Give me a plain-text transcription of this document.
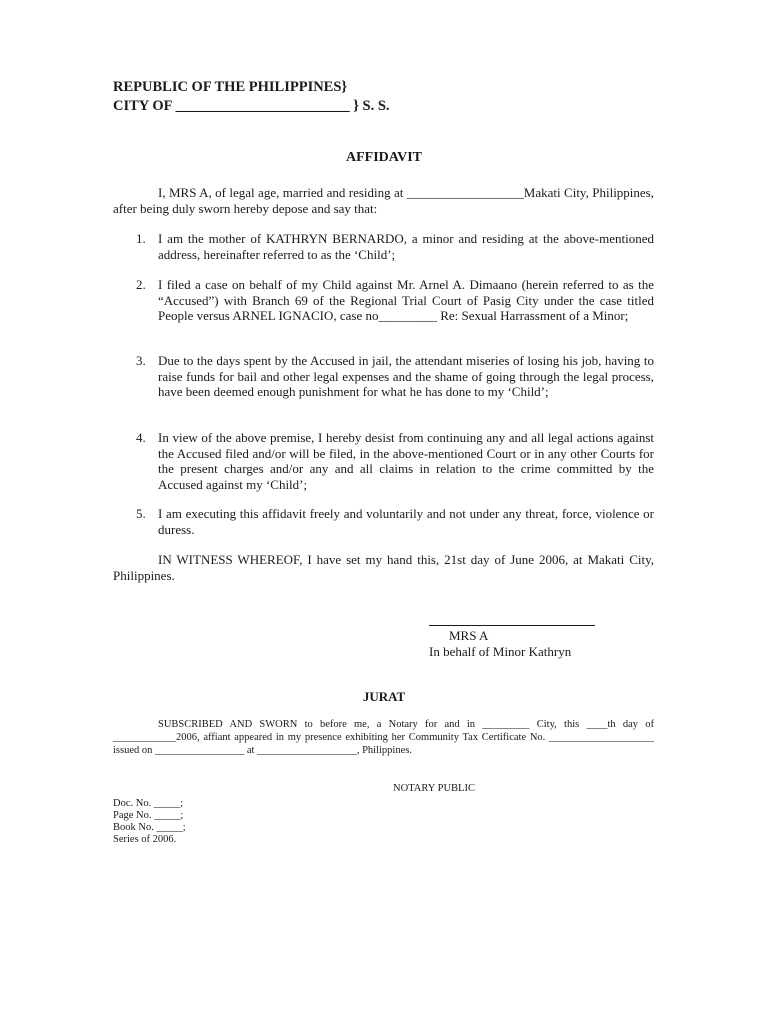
REPUBLIC OF THE PHILIPPINES}
CITY OF ________________________ } S. S.
AFFIDAVIT
I, MRS A, of legal age, married and residing at __________________Makati City, Philippines, after being duly sworn hereby depose and say that:
1. I am the mother of KATHRYN BERNARDO, a minor and residing at the above-mentioned address, hereinafter referred to as the ‘Child’;
2. I filed a case on behalf of my Child against Mr. Arnel A. Dimaano (herein referred to as the “Accused”) with Branch 69 of the Regional Trial Court of Pasig City under the case titled People versus ARNEL IGNACIO, case no_________ Re: Sexual Harrassment of a Minor;
3. Due to the days spent by the Accused in jail, the attendant miseries of losing his job, having to raise funds for bail and other legal expenses and the shame of going through the legal process, have been deemed enough punishment for what he has done to my ‘Child’;
4. In view of the above premise, I hereby desist from continuing any and all legal actions against the Accused filed and/or will be filed, in the above-mentioned Court or in any other Courts for the present charges and/or any and all claims in relation to the crime committed by the Accused against my ‘Child’;
5. I am executing this affidavit freely and voluntarily and not under any threat, force, violence or duress.
IN WITNESS WHEREOF, I have set my hand this, 21st day of June 2006, at Makati City, Philippines.
MRS A
In behalf of Minor Kathryn
JURAT
SUBSCRIBED AND SWORN to before me, a Notary for and in _________ City, this ____th day of ____________2006, affiant appeared in my presence exhibiting her Community Tax Certificate No. ____________________ issued on _________________ at ___________________, Philippines.
NOTARY PUBLIC
Doc. No. _____;
Page No. _____;
Book No. _____;
Series of 2006.
